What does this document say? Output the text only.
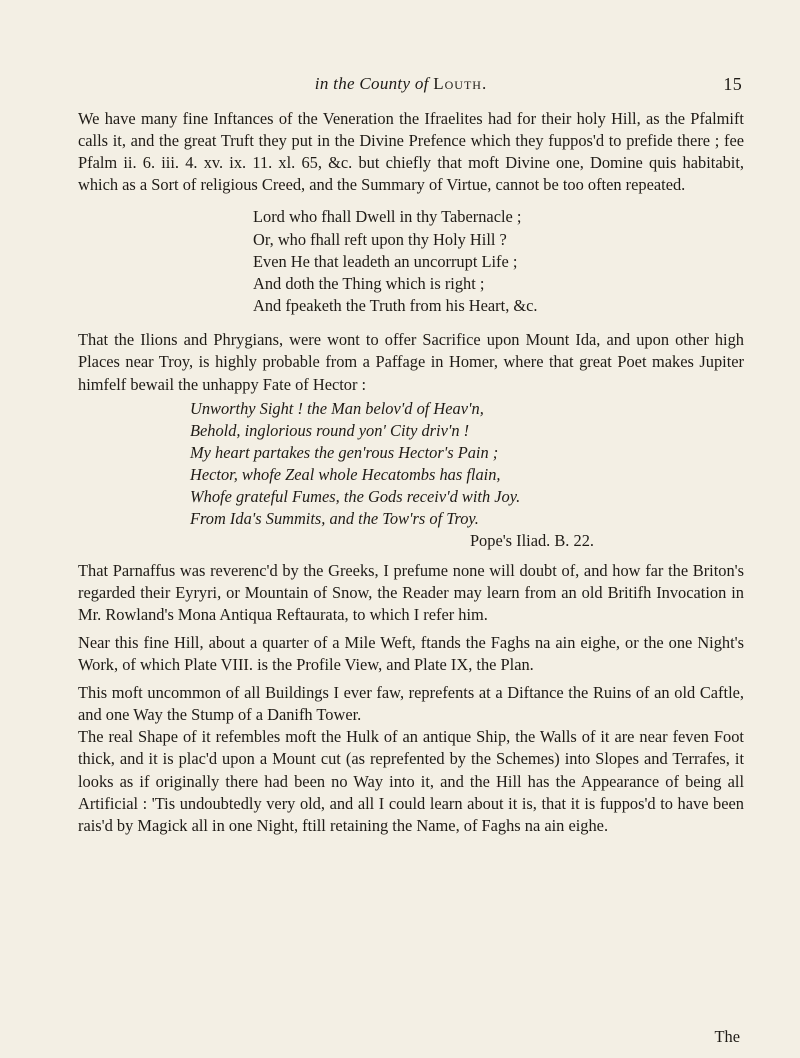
in the County of Louth.	15

We have many fine Inftances of the Veneration the Ifraelites had for their holy Hill, as the Pfalmift calls it, and the great Truft they put in the Divine Prefence which they fuppos'd to prefide there ; fee Pfalm ii. 6. iii. 4. xv. ix. 11. xl. 65, &c. but chiefly that moft Divine one, Domine quis habitabit, which as a Sort of religious Creed, and the Summary of Virtue, cannot be too often repeated.

Lord who fhall Dwell in thy Tabernacle ;
Or, who fhall reft upon thy Holy Hill ?
Even He that leadeth an uncorrupt Life ;
And doth the Thing which is right ;
And fpeaketh the Truth from his Heart, &c.

That the Ilions and Phrygians, were wont to offer Sacrifice upon Mount Ida, and upon other high Places near Troy, is highly probable from a Paffage in Homer, where that great Poet makes Jupiter himfelf bewail the unhappy Fate of Hector :

Unworthy Sight ! the Man belov'd of Heav'n,
Behold, inglorious round yon' City driv'n !
My heart partakes the gen'rous Hector's Pain ;
Hector, whofe Zeal whole Hecatombs has flain,
Whofe grateful Fumes, the Gods receiv'd with Joy.
From Ida's Summits, and the Tow'rs of Troy.
Pope's Iliad. B. 22.

That Parnaffus was reverenc'd by the Greeks, I prefume none will doubt of, and how far the Briton's regarded their Eyryri, or Mountain of Snow, the Reader may learn from an old Britifh Invocation in Mr. Rowland's Mona Antiqua Reftaurata, to which I refer him.

Near this fine Hill, about a quarter of a Mile Weft, ftands the Faghs na ain eighe, or the one Night's Work, of which Plate VIII. is the Profile View, and Plate IX, the Plan.

This moft uncommon of all Buildings I ever faw, reprefents at a Diftance the Ruins of an old Caftle, and one Way the Stump of a Danifh Tower.

The real Shape of it refembles moft the Hulk of an antique Ship, the Walls of it are near feven Foot thick, and it is plac'd upon a Mount cut (as reprefented by the Schemes) into Slopes and Terrafes, it looks as if originally there had been no Way into it, and the Hill has the Appearance of being all Artificial : 'Tis undoubtedly very old, and all I could learn about it is, that it is fuppos'd to have been rais'd by Magick all in one Night, ftill retaining the Name, of Faghs na ain eighe.

The
